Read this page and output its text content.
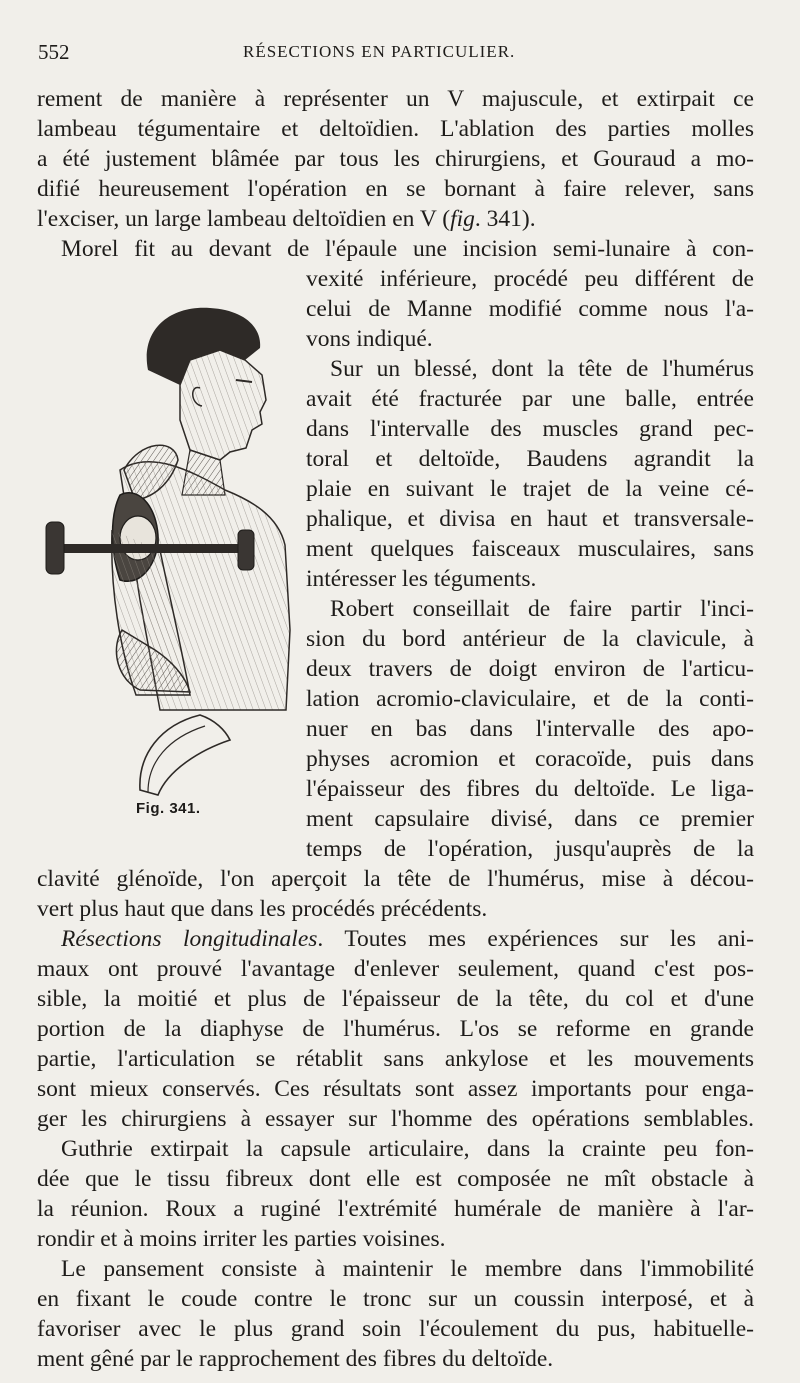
552	RÉSECTIONS EN PARTICULIER.

rement de manière à représenter un V majuscule, et extirpait ce

lambeau tégumentaire et deltoïdien. L'ablation des parties molles

a été justement blâmée par tous les chirurgiens, et Gouraud a mo-

difié heureusement l'opération en se bornant à faire relever, sans

l'exciser, un large lambeau deltoïdien en V (fig. 341).

Morel fit au devant de l'épaule une incision semi-lunaire à con-

vexité inférieure, procédé peu différent de

celui de Manne modifié comme nous l'a-

vons indiqué.

Sur un blessé, dont la tête de l'humérus

avait été fracturée par une balle, entrée

dans l'intervalle des muscles grand pec-

toral et deltoïde, Baudens agrandit la

plaie en suivant le trajet de la veine cé-

phalique, et divisa en haut et transversale-

ment quelques faisceaux musculaires, sans

intéresser les téguments.

Robert conseillait de faire partir l'inci-

sion du bord antérieur de la clavicule, à

deux travers de doigt environ de l'articu-

lation acromio-claviculaire, et de la conti-

nuer en bas dans l'intervalle des apo-

physes acromion et coracoïde, puis dans

l'épaisseur des fibres du deltoïde. Le liga-

ment capsulaire divisé, dans ce premier

temps de l'opération, jusqu'auprès de la

clavité glénoïde, l'on aperçoit la tête de l'humérus, mise à décou-

vert plus haut que dans les procédés précédents.

Résections longitudinales. Toutes mes expériences sur les ani-

maux ont prouvé l'avantage d'enlever seulement, quand c'est pos-

sible, la moitié et plus de l'épaisseur de la tête, du col et d'une

portion de la diaphyse de l'humérus. L'os se reforme en grande

partie, l'articulation se rétablit sans ankylose et les mouvements

sont mieux conservés. Ces résultats sont assez importants pour enga-

ger les chirurgiens à essayer sur l'homme des opérations semblables.

Guthrie extirpait la capsule articulaire, dans la crainte peu fon-

dée que le tissu fibreux dont elle est composée ne mît obstacle à

la réunion. Roux a ruginé l'extrémité humérale de manière à l'ar-

rondir et à moins irriter les parties voisines.

Le pansement consiste à maintenir le membre dans l'immobilité

en fixant le coude contre le tronc sur un coussin interposé, et à

favoriser avec le plus grand soin l'écoulement du pus, habituelle-

ment gêné par le rapprochement des fibres du deltoïde.

Fig. 341.
